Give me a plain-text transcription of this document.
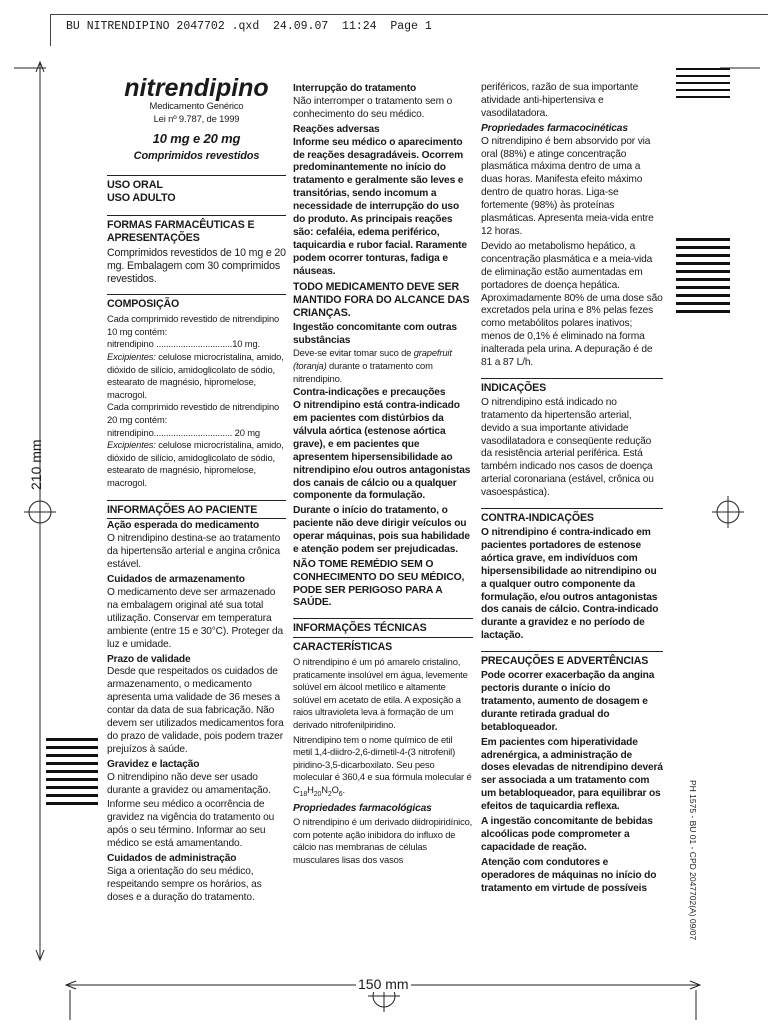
BU NITRENDIPINO 2047702 .qxd  24.09.07  11:24  Page 1
210 mm
150 mm
PH 1575 - BU 01 - CPD 2047702(A) 09/07
nitrendipino
Medicamento Genérico
Lei nº 9.787, de 1999
10 mg e 20 mg
Comprimidos revestidos
USO ORAL
USO ADULTO
FORMAS FARMACÊUTICAS E APRESENTAÇÕES

Comprimidos revestidos de 10 mg e 20 mg. Embalagem com 30 comprimidos revestidos.

COMPOSIÇÃO

Cada comprimido revestido de nitrendipino 10 mg contém:

nitrendipino ...............................10 mg.

Excipientes: celulose microcristalina, amido, dióxido de silício, amidoglicolato de sódio, estearato de magnésio, hipromelose, macrogol.

Cada comprimido revestido de nitrendipino 20 mg contém:

nitrendipino................................ 20 mg

Excipientes: celulose microcristalina, amido, dióxido de silício, amidoglicolato de sódio, estearato de magnésio, hipromelose, macrogol.

INFORMAÇÕES AO PACIENTE
Ação esperada do medicamento

O nitrendipino destina-se ao tratamento da hipertensão arterial e angina crônica estável.

Cuidados de armazenamento

O medicamento deve ser armazenado na embalagem original até sua total utilização. Conservar em temperatura ambiente (entre 15 e 30°C). Proteger da luz e umidade.

Prazo de validade

Desde que respeitados os cuidados de armazenamento, o medicamento apresenta uma validade de 36 meses a contar da data de sua fabricação. Não devem ser utilizados medicamentos fora do prazo de validade, pois podem trazer prejuízos à saúde.

Gravidez e lactação

O nitrendipino não deve ser usado durante a gravidez ou amamentação.

Informe seu médico a ocorrência de gravidez na vigência do tratamento ou após o seu término. Informar ao seu médico se está amamentando.

Cuidados de administração

Siga a orientação do seu médico, respeitando sempre os horários, as doses e a duração do tratamento.

Interrupção do tratamento

Não interromper o tratamento sem o conhecimento do seu médico.

Reações adversas

Informe seu médico o aparecimento de reações desagradáveis. Ocorrem predominantemente no início do tratamento e geralmente são leves e transitórias, sendo incomum a necessidade de interrupção do uso do produto. As principais reações são: cefaléia, edema periférico, taquicardia e rubor facial. Raramente podem ocorrer tonturas, fadiga e náuseas.

TODO MEDICAMENTO DEVE SER MANTIDO FORA DO ALCANCE DAS CRIANÇAS.

Ingestão concomitante com outras substâncias

Deve-se evitar tomar suco de grapefruit (toranja) durante o tratamento com nitrendipino.

Contra-indicações e precauções

O nitrendipino está contra-indicado em pacientes com distúrbios da válvula aórtica (estenose aórtica grave), e em pacientes que apresentem hipersensibilidade ao nitrendipino e/ou outros antagonistas dos canais de cálcio ou a qualquer componente da formulação.

Durante o início do tratamento, o paciente não deve dirigir veículos ou operar máquinas, pois sua habilidade e atenção podem ser prejudicadas.

NÃO TOME REMÉDIO SEM O CONHECIMENTO DO SEU MÉDICO, PODE SER PERIGOSO PARA A SAÚDE.

INFORMAÇÕES TÉCNICAS
CARACTERÍSTICAS

O nitrendipino é um pó amarelo cristalino, praticamente insolúvel em água, levemente solúvel em álcool metílico e altamente solúvel em acetato de etila. A exposição a raios ultravioleta leva à formação de um derivado nitrofenilpiridino.

Nitrendipino tem o nome químico de etil metil 1,4-diidro-2,6-dimetil-4-(3 nitrofenil) piridino-3,5-dicarboxilato. Seu peso molecular é 360,4 e sua fórmula molecular é $C_{18}H_{20}N_2O_6$.

Propriedades farmacológicas

O nitrendipino é um derivado diidropiridínico, com potente ação inibidora do influxo de cálcio nas membranas de células musculares lisas dos vasos

periféricos, razão de sua importante atividade anti-hipertensiva e vasodilatadora.

Propriedades farmacocinéticas

O nitrendipino é bem absorvido por via oral (88%) e atinge concentração plasmática máxima dentro de uma a duas horas. Manifesta efeito máximo dentro de quatro horas. Liga-se fortemente (98%) às proteínas plasmáticas. Apresenta meia-vida entre 12 horas.

Devido ao metabolismo hepático, a concentração plasmática e a meia-vida de eliminação estão aumentadas em portadores de doença hepática. Aproximadamente 80% de uma dose são excretados pela urina e 8% pelas fezes como metabólitos polares inativos; menos de 0,1% é eliminado na forma inalterada pela urina. A depuração é de 81 a 87 L/h.

INDICAÇÕES

O nitrendipino está indicado no tratamento da hipertensão arterial, devido a sua importante atividade vasodilatadora e conseqüente redução da resistência arterial periférica. Está também indicado nos casos de doença arterial coronariana (estável, crônica ou vasoespástica).

CONTRA-INDICAÇÕES

O nitrendipino é contra-indicado em pacientes portadores de estenose aórtica grave, em indivíduos com hipersensibilidade ao nitrendipino ou a qualquer outro componente da formulação, e/ou outros antagonistas dos canais de cálcio. Contra-indicado durante a gravidez e no período de lactação.

PRECAUÇÕES E ADVERTÊNCIAS

Pode ocorrer exacerbação da angina pectoris durante o início do tratamento, aumento de dosagem e durante retirada gradual do betabloqueador.

Em pacientes com hiperatividade adrenérgica, a administração de doses elevadas de nitrendipino deverá ser associada a um tratamento com um betabloqueador, para equilibrar os efeitos de taquicardia reflexa.

A ingestão concomitante de bebidas alcoólicas pode comprometer a capacidade de reação.

Atenção com condutores e operadores de máquinas no início do tratamento em virtude de possíveis
